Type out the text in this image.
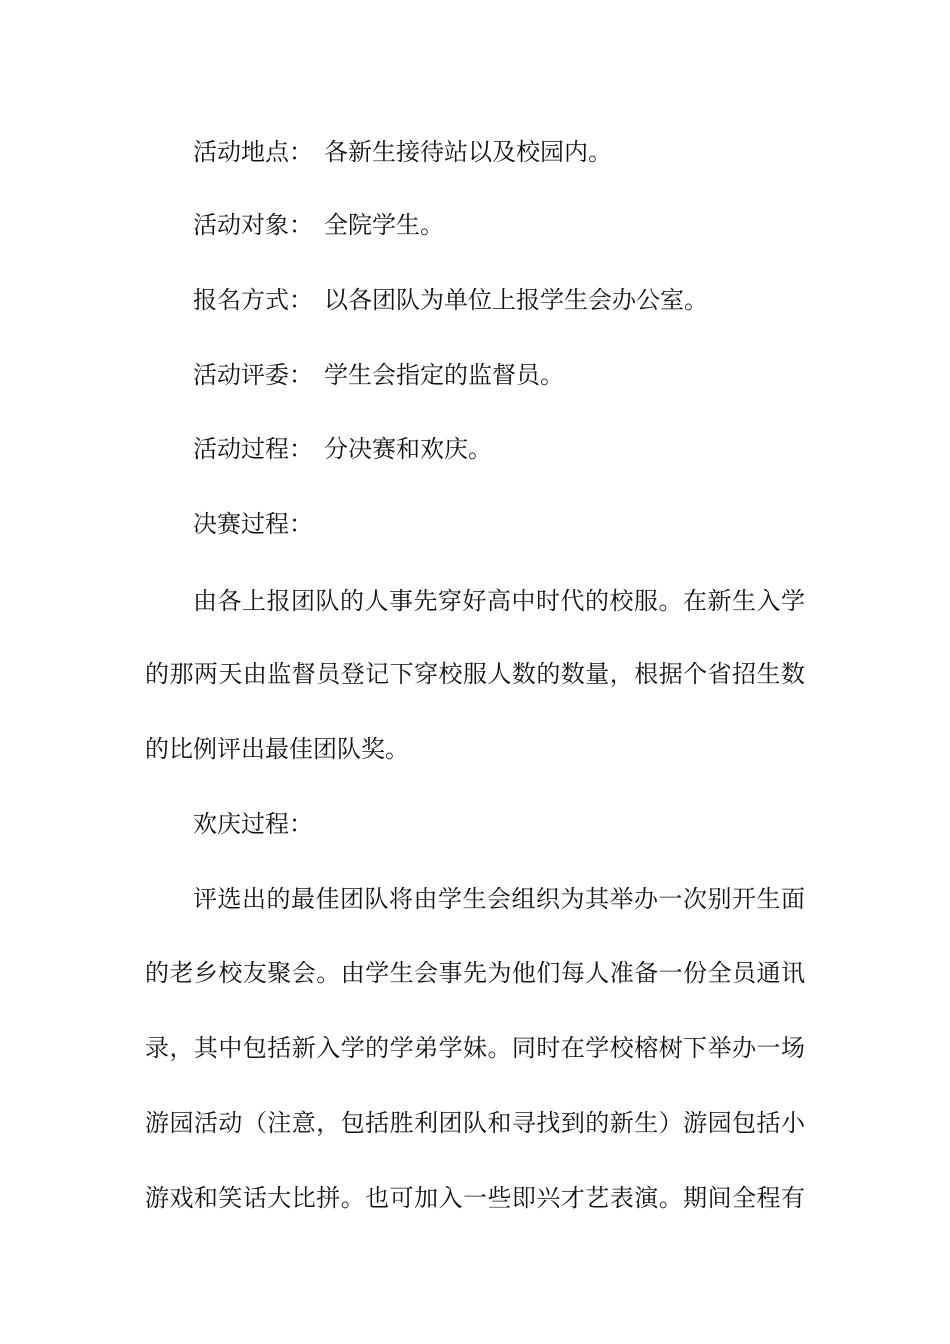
活动地点： 各新生接待站以及校园内。
活动对象： 全院学生。
报名方式： 以各团队为单位上报学生会办公室。
活动评委： 学生会指定的监督员。
活动过程： 分决赛和欢庆。
决赛过程：
由各上报团队的人事先穿好高中时代的校服。在新生入学
的那两天由监督员登记下穿校服人数的数量，根据个省招生数
的比例评出最佳团队奖。
欢庆过程：
评选出的最佳团队将由学生会组织为其举办一次别开生面
的老乡校友聚会。由学生会事先为他们每人准备一份全员通讯
录，其中包括新入学的学弟学妹。同时在学校榕树下举办一场
游园活动（注意，包括胜利团队和寻找到的新生）游园包括小
游戏和笑话大比拼。也可加入一些即兴才艺表演。期间全程有
